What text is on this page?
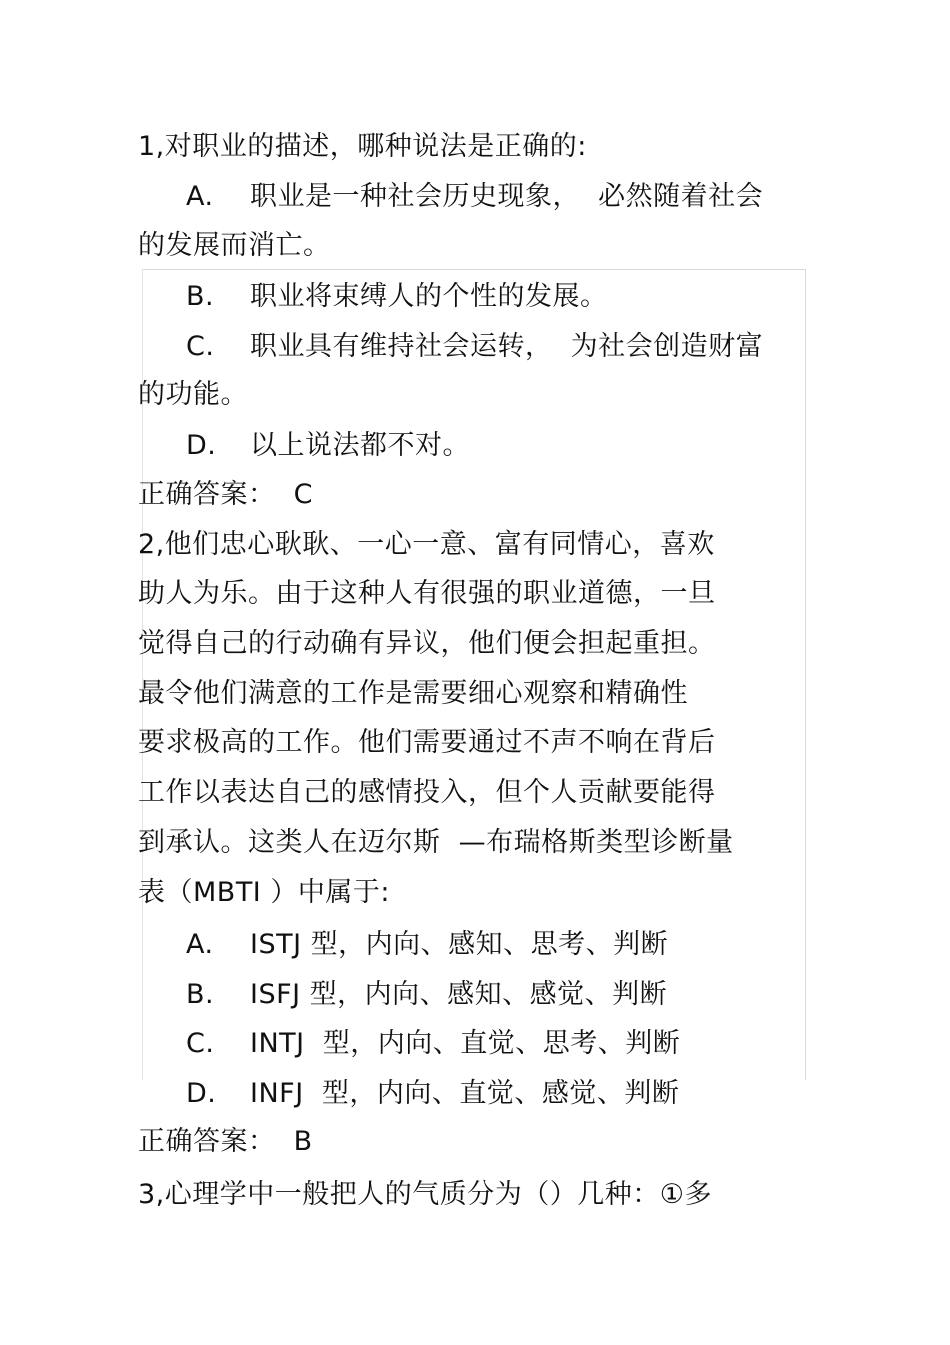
1,对职业的描述，哪种说法是正确的:
A. 职业是一种社会历史现象，  必然随着社会
的发展而消亡。
B. 职业将束缚人的个性的发展。
C. 职业具有维持社会运转，  为社会创造财富
的功能。
D. 以上说法都不对。
正确答案：  C
2,他们忠心耿耿、一心一意、富有同情心，喜欢
助人为乐。由于这种人有很强的职业道德，一旦
觉得自己的行动确有异议，他们便会担起重担。
最令他们满意的工作是需要细心观察和精确性
要求极高的工作。他们需要通过不声不响在背后
工作以表达自己的感情投入，但个人贡献要能得
到承认。这类人在迈尔斯  —布瑞格斯类型诊断量
表（MBTI ）中属于:
A. ISTJ 型，内向、感知、思考、判断
B. ISFJ 型，内向、感知、感觉、判断
C. INTJ  型，内向、直觉、思考、判断
D. INFJ  型，内向、直觉、感觉、判断
正确答案：  B
3,心理学中一般把人的气质分为（）几种：①多
